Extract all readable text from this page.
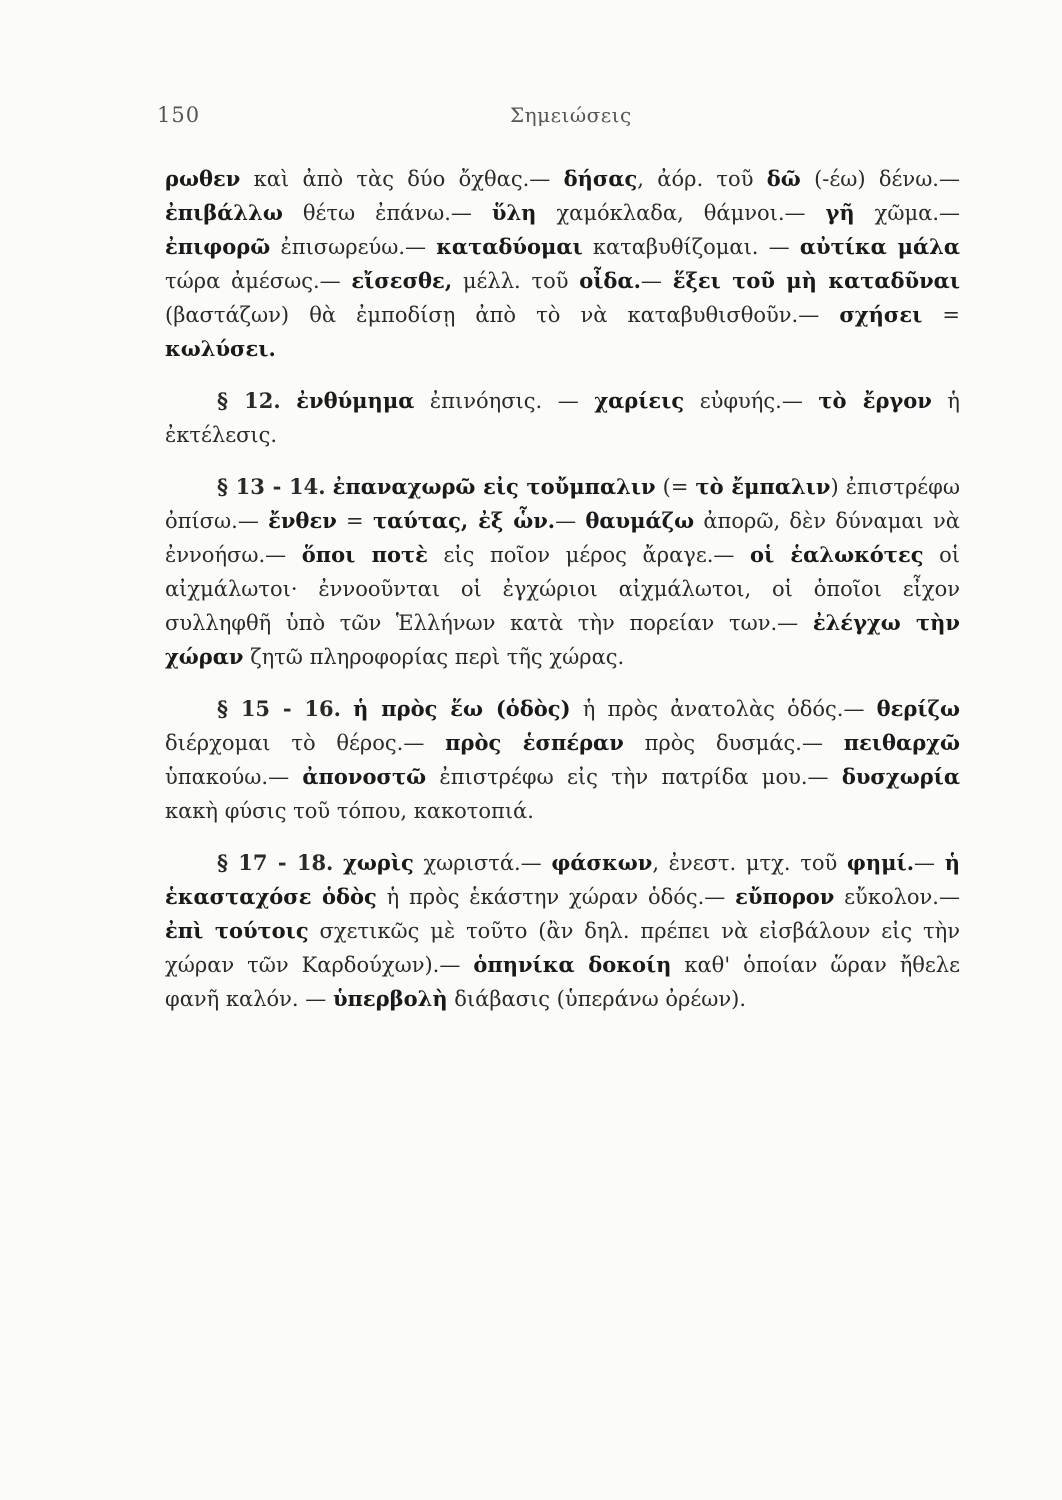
150	Σημειώσεις

ρωθεν καὶ ἀπὸ τὰς δύο ὄχθας.— δήσας, ἀόρ. τοῦ δῶ (-έω) δένω.— ἐπιβάλλω θέτω ἐπάνω.— ὕλη χαμόκλαδα, θάμνοι.— γῆ χῶμα.— ἐπιφορῶ ἐπισωρεύω.— καταδύομαι καταβυθίζομαι. — αὐτίκα μάλα τώρα ἀμέσως.— εἴσεσθε, μέλλ. τοῦ οἶδα.— ἕξει τοῦ μὴ καταδῦναι (βαστάζων) θὰ ἐμποδίσῃ ἀπὸ τὸ νὰ καταβυθισθοῦν.— σχήσει = κωλύσει.

§ 12. ἐνθύμημα ἐπινόησις. — χαρίεις εὐφυής.— τὸ ἔργον ἡ ἐκτέλεσις.

§ 13 - 14. ἐπαναχωρῶ εἰς τοὔμπαλιν (= τὸ ἔμπαλιν) ἐπιστρέφω ὀπίσω.— ἔνθεν = ταύτας, ἐξ ὧν.— θαυμάζω ἀπορῶ, δὲν δύναμαι νὰ ἐννοήσω.— ὅποι ποτὲ εἰς ποῖον μέρος ἄραγε.— οἱ ἑαλωκότες οἱ αἰχμάλωτοι· ἐννοοῦνται οἱ ἐγχώριοι αἰχμάλωτοι, οἱ ὁποῖοι εἶχον συλληφθῆ ὑπὸ τῶν Ἑλλήνων κατὰ τὴν πορείαν των.— ἐλέγχω τὴν χώραν ζητῶ πληροφορίας περὶ τῆς χώρας.

§ 15 - 16. ἡ πρὸς ἕω (ὁδὸς) ἡ πρὸς ἀνατολὰς ὁδός.— θερίζω διέρχομαι τὸ θέρος.— πρὸς ἑσπέραν πρὸς δυσμάς.— πειθαρχῶ ὑπακούω.— ἀπονοστῶ ἐπιστρέφω εἰς τὴν πατρίδα μου.— δυσχωρία κακὴ φύσις τοῦ τόπου, κακοτοπιά.

§ 17 - 18. χωρὶς χωριστά.— φάσκων, ἐνεστ. μτχ. τοῦ φημί.— ἡ ἑκασταχόσε ὁδὸς ἡ πρὸς ἑκάστην χώραν ὁδός.— εὔπορον εὔκολον.— ἐπὶ τούτοις σχετικῶς μὲ τοῦτο (ἂν δηλ. πρέπει νὰ εἰσβάλουν εἰς τὴν χώραν τῶν Καρδούχων).— ὁπηνίκα δοκοίη καθ' ὁποίαν ὥραν ἤθελε φανῆ καλόν. — ὑπερβολὴ διάβασις (ὑπεράνω ὀρέων).
